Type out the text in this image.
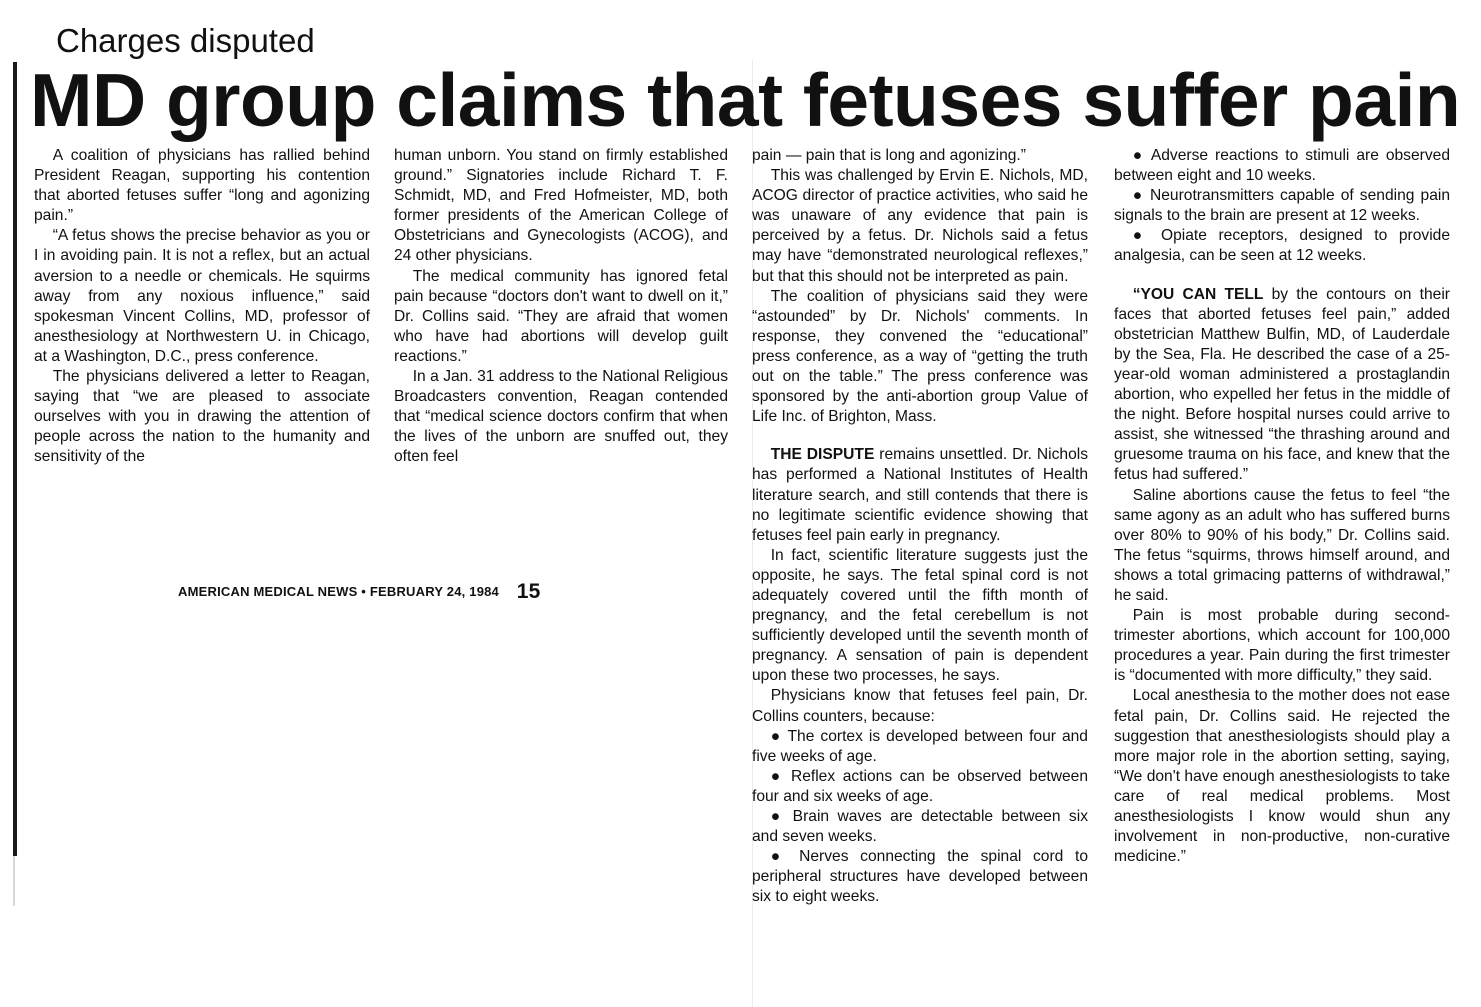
Charges disputed
MD group claims that fetuses suffer pain

A coalition of physicians has rallied behind President Reagan, supporting his contention that aborted fetuses suffer “long and agonizing pain.”

“A fetus shows the precise behavior as you or I in avoiding pain. It is not a reflex, but an actual aversion to a needle or chemicals. He squirms away from any noxious influence,” said spokesman Vincent Collins, MD, professor of anesthesiology at Northwestern U. in Chicago, at a Washington, D.C., press conference.

The physicians delivered a letter to Reagan, saying that “we are pleased to associate ourselves with you in drawing the attention of people across the nation to the humanity and sensitivity of the

human unborn. You stand on firmly established ground.” Signatories include Richard T. F. Schmidt, MD, and Fred Hofmeister, MD, both former presidents of the American College of Obstetricians and Gynecologists (ACOG), and 24 other physicians.

The medical community has ignored fetal pain because “doctors don't want to dwell on it,” Dr. Collins said. “They are afraid that women who have had abortions will develop guilt reactions.”

In a Jan. 31 address to the National Religious Broadcasters convention, Reagan contended that “medical science doctors confirm that when the lives of the unborn are snuffed out, they often feel

pain — pain that is long and agonizing.”

This was challenged by Ervin E. Nichols, MD, ACOG director of practice activities, who said he was unaware of any evidence that pain is perceived by a fetus. Dr. Nichols said a fetus may have “demonstrated neurological reflexes,” but that this should not be interpreted as pain.

The coalition of physicians said they were “astounded” by Dr. Nichols' comments. In response, they convened the “educational” press conference, as a way of “getting the truth out on the table.” The press conference was sponsored by the anti-abortion group Value of Life Inc. of Brighton, Mass.

THE DISPUTE remains unsettled. Dr. Nichols has performed a National Institutes of Health literature search, and still contends that there is no legitimate scientific evidence showing that fetuses feel pain early in pregnancy.

In fact, scientific literature suggests just the opposite, he says. The fetal spinal cord is not adequately covered until the fifth month of pregnancy, and the fetal cerebellum is not sufficiently developed until the seventh month of pregnancy. A sensation of pain is dependent upon these two processes, he says.

Physicians know that fetuses feel pain, Dr. Collins counters, because:

● The cortex is developed between four and five weeks of age.

● Reflex actions can be observed between four and six weeks of age.

● Brain waves are detectable between six and seven weeks.

● Nerves connecting the spinal cord to peripheral structures have developed between six to eight weeks.

● Adverse reactions to stimuli are observed between eight and 10 weeks.

● Neurotransmitters capable of sending pain signals to the brain are present at 12 weeks.

● Opiate receptors, designed to provide analgesia, can be seen at 12 weeks.

“YOU CAN TELL by the contours on their faces that aborted fetuses feel pain,” added obstetrician Matthew Bulfin, MD, of Lauderdale by the Sea, Fla. He described the case of a 25-year-old woman administered a prostaglandin abortion, who expelled her fetus in the middle of the night. Before hospital nurses could arrive to assist, she witnessed “the thrashing around and gruesome trauma on his face, and knew that the fetus had suffered.”

Saline abortions cause the fetus to feel “the same agony as an adult who has suffered burns over 80% to 90% of his body,” Dr. Collins said. The fetus “squirms, throws himself around, and shows a total grimacing patterns of withdrawal,” he said.

Pain is most probable during second-trimester abortions, which account for 100,000 procedures a year. Pain during the first trimester is “documented with more difficulty,” they said.

Local anesthesia to the mother does not ease fetal pain, Dr. Collins said. He rejected the suggestion that anesthesiologists should play a more major role in the abortion setting, saying, “We don't have enough anesthesiologists to take care of real medical problems. Most anesthesiologists I know would shun any involvement in non-productive, non-curative medicine.”

AMERICAN MEDICAL NEWS • FEBRUARY 24, 1984 15
